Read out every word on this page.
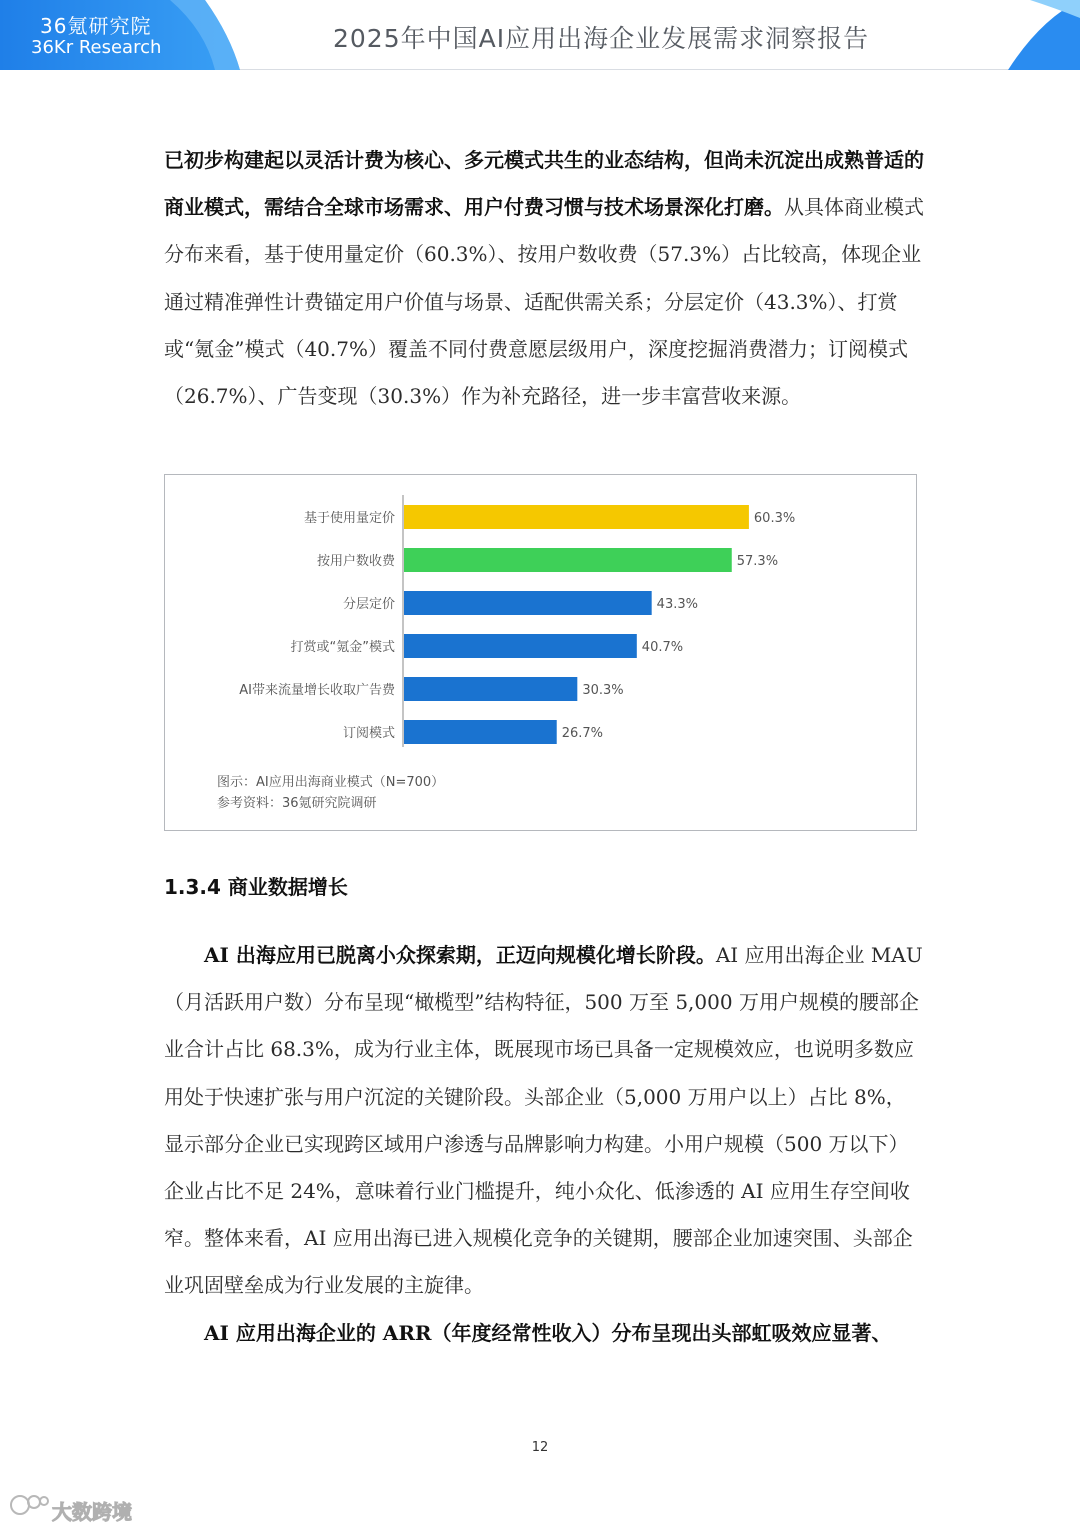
36氪研究院
36Kr Research	2025年中国AI应用出海企业发展需求洞察报告
已初步构建起以灵活计费为核心、多元模式共生的业态结构，但尚未沉淀出成熟普适的商业模式，需结合全球市场需求、用户付费习惯与技术场景深化打磨。从具体商业模式分布来看，基于使用量定价（60.3%）、按用户数收费（57.3%）占比较高，体现企业通过精准弹性计费锚定用户价值与场景、适配供需关系；分层定价（43.3%）、打赏或“氪金”模式（40.7%）覆盖不同付费意愿层级用户，深度挖掘消费潜力；订阅模式（26.7%）、广告变现（30.3%）作为补充路径，进一步丰富营收来源。
基于使用量定价	60.3%
按用户数收费	57.3%
分层定价	43.3%
打赏或“氪金”模式	40.7%
AI带来流量增长收取广告费	30.3%
订阅模式	26.7%
图示：AI应用出海商业模式（N=700）
参考资料：36氪研究院调研
1.3.4 商业数据增长
AI 出海应用已脱离小众探索期，正迈向规模化增长阶段。AI 应用出海企业 MAU（月活跃用户数）分布呈现“橄榄型”结构特征，500 万至 5,000 万用户规模的腰部企业合计占比 68.3%，成为行业主体，既展现市场已具备一定规模效应，也说明多数应用处于快速扩张与用户沉淀的关键阶段。头部企业（5,000 万用户以上）占比 8%，显示部分企业已实现跨区域用户渗透与品牌影响力构建。小用户规模（500 万以下）企业占比不足 24%，意味着行业门槛提升，纯小众化、低渗透的 AI 应用生存空间收窄。整体来看，AI 应用出海已进入规模化竞争的关键期，腰部企业加速突围、头部企业巩固壁垒成为行业发展的主旋律。
AI 应用出海企业的 ARR（年度经常性收入）分布呈现出头部虹吸效应显著、
12
大数跨境
